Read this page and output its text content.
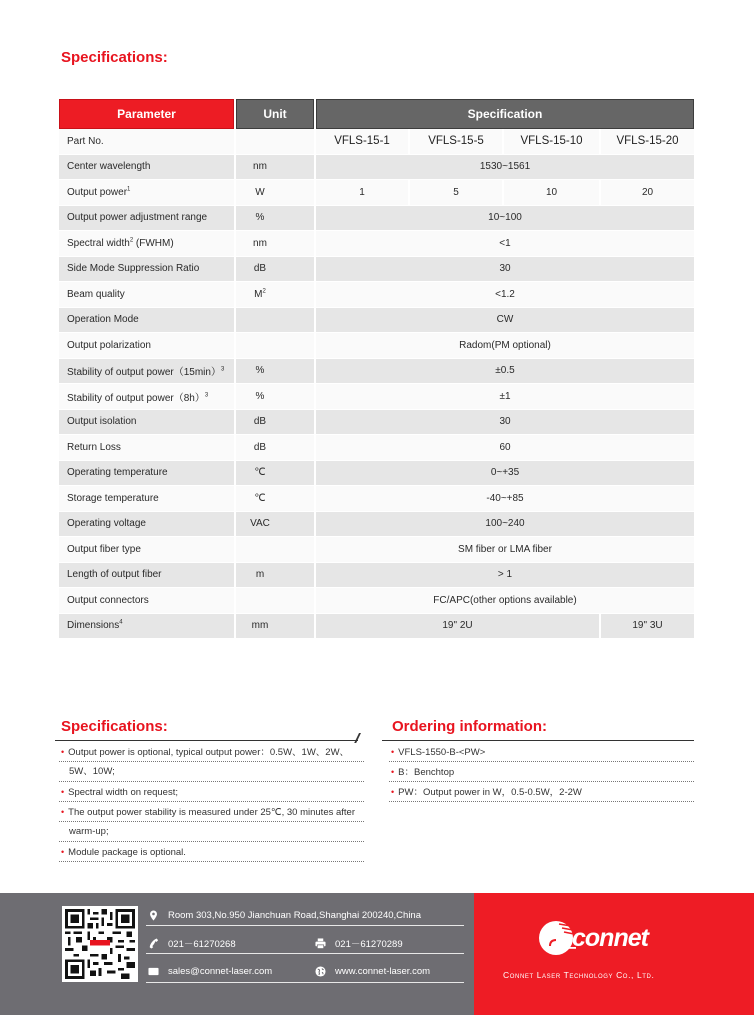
Specifications:
Parameter	Unit	Specification			
Part No.		VFLS-15-1	VFLS-15-5	VFLS-15-10	VFLS-15-20
Center wavelength	nm	1530~1561			
Output power$^1$	W	1	5	10	20
Output power adjustment range	%	10~100			
Spectral width$^2$ (FWHM)	nm	<1			
Side Mode Suppression Ratio	dB	30			
Beam quality	$M^2$	<1.2			
Operation Mode		CW			
Output polarization		Radom(PM optional)			
Stability of output $power(15\min)^3$	%	±0.5			
Stability of output $power(8h)^3$	%	±1			
Output isolation	dB	30			
Return Loss	dB	60			
Operating temperature	℃	0~+35			
Storage temperature	℃	-40~+85			
Operating voltage	VAC	100~240			
Output fiber type		SM fiber or LMA fiber			
Length of output fiber	m	> 1			
Output connectors		FC/APC(other options available)			
Dimensions$^4$	mm	19" 2U			19" 3U
Specifications:	Ordering information:
//
• Output power is optional, typical output power：0.5W、1W、2W、
5W、10W;
• Spectral width on request;
• The output power stability is measured under 25℃, 30 minutes after
warm-up;
• Module package is optional.
• VFLS-1550-B-<PW>
• B：Benchtop
• PW：Output power in W，0.5-0.5W，2-2W
Room 303,No.950 Jianchuan Road,Shanghai 200240,China
021－61270268	021－61270289
sales@connet-laser.com	www.connet-laser.com
connet
Connet Laser Technology Co., Ltd.
